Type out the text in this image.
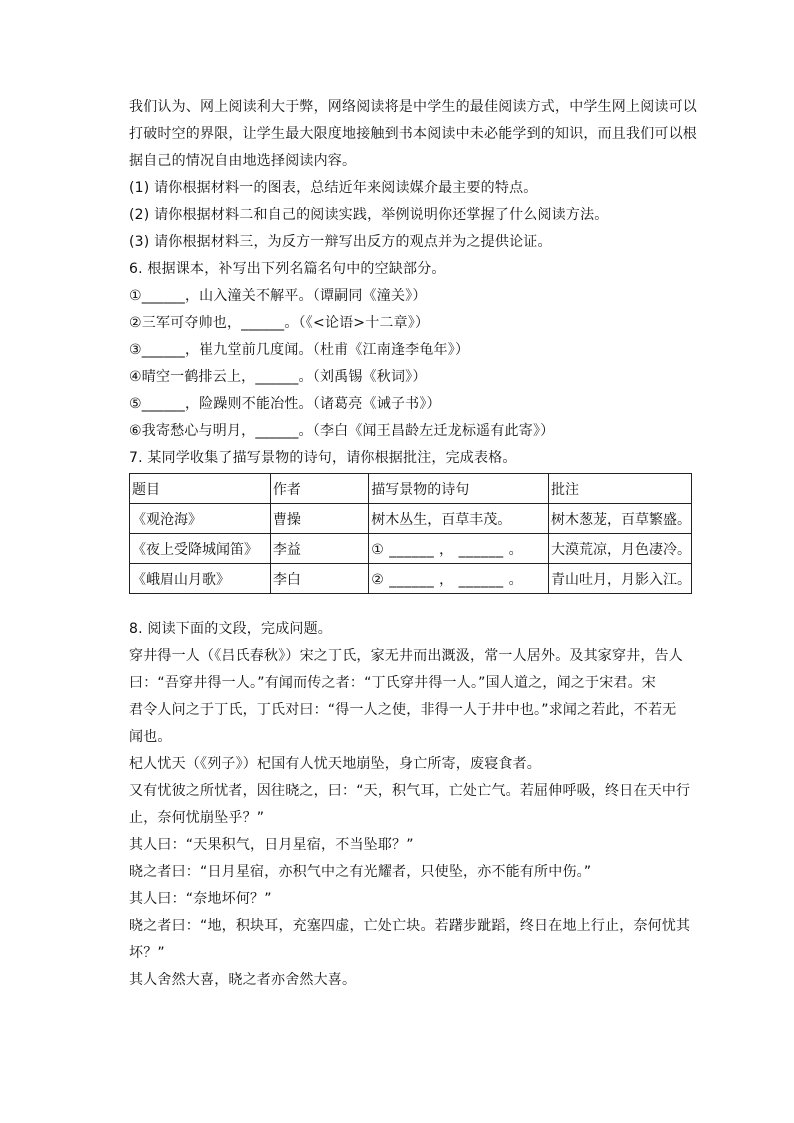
我们认为、网上阅读利大于弊，网络阅读将是中学生的最佳阅读方式，中学生网上阅读可以
打破时空的界限，让学生最大限度地接触到书本阅读中未必能学到的知识，而且我们可以根
据自己的情况自由地选择阅读内容。
(1) 请你根据材料一的图表，总结近年来阅读媒介最主要的特点。
(2) 请你根据材料二和自己的阅读实践，举例说明你还掌握了什么阅读方法。
(3) 请你根据材料三，为反方一辩写出反方的观点并为之提供论证。
6. 根据课本，补写出下列名篇名句中的空缺部分。
①______，山入潼关不解平。（谭嗣同《潼关》）
②三军可夺帅也，______。（《<论语>十二章》）
③______，崔九堂前几度闻。（杜甫《江南逢李龟年》）
④晴空一鹤排云上，______。（刘禹锡《秋词》）
⑤______，险躁则不能冶性。（诸葛亮《诫子书》）
⑥我寄愁心与明月，______。（李白《闻王昌龄左迁龙标遥有此寄》）
7. 某同学收集了描写景物的诗句，请你根据批注，完成表格。
题目	作者	描写景物的诗句	批注
《观沧海》	曹操	树木丛生，百草丰茂。	树木葱茏，百草繁盛。
《夜上受降城闻笛》	李益	① ______ ， ______ 。	大漠荒凉，月色凄冷。
《峨眉山月歌》	李白	② ______ ， ______ 。	青山吐月，月影入江。
8. 阅读下面的文段，完成问题。
穿井得一人（《吕氏春秋》）宋之丁氏，家无井而出溉汲，常一人居外。及其家穿井，告人
曰：“吾穿井得一人。”有闻而传之者：“丁氏穿井得一人。”国人道之，闻之于宋君。宋
君令人问之于丁氏，丁氏对曰：“得一人之使，非得一人于井中也。”求闻之若此，不若无
闻也。
杞人忧天（《列子》）杞国有人忧天地崩坠，身亡所寄，废寝食者。
又有忧彼之所忧者，因往晓之，曰：“天，积气耳，亡处亡气。若屈伸呼吸，终日在天中行
止，奈何忧崩坠乎？”
其人曰：“天果积气，日月星宿，不当坠耶？”
晓之者曰：“日月星宿，亦积气中之有光耀者，只使坠，亦不能有所中伤。”
其人曰：“奈地坏何？”
晓之者曰：“地，积块耳，充塞四虚，亡处亡块。若躇步跐蹈，终日在地上行止，奈何忧其
坏？”
其人舍然大喜，晓之者亦舍然大喜。
